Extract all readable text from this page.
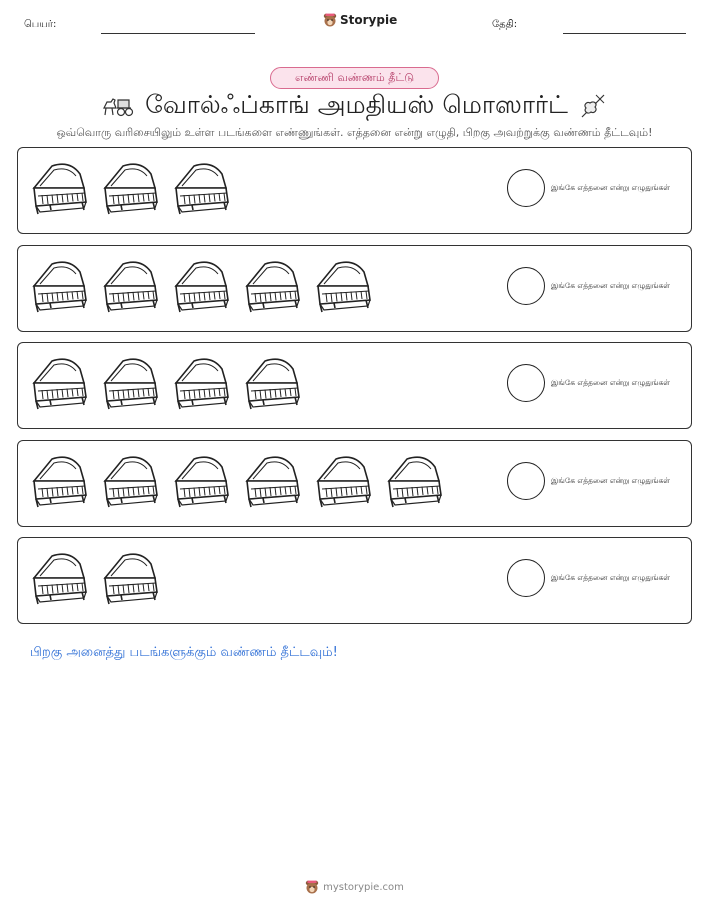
பெயர்:	Storypie	தேதி:
எண்ணி வண்ணம் தீட்டு
வோல்ஃப்காங் அமதியஸ் மொஸார்ட்
ஒவ்வொரு வரிசையிலும் உள்ள படங்களை எண்ணுங்கள். எத்தனை என்று எழுதி, பிறகு அவற்றுக்கு வண்ணம் தீட்டவும்!
இங்கே எத்தனை என்று எழுதுங்கள்
இங்கே எத்தனை என்று எழுதுங்கள்
இங்கே எத்தனை என்று எழுதுங்கள்
இங்கே எத்தனை என்று எழுதுங்கள்
இங்கே எத்தனை என்று எழுதுங்கள்
பிறகு அனைத்து படங்களுக்கும் வண்ணம் தீட்டவும்!
mystorypie.com
